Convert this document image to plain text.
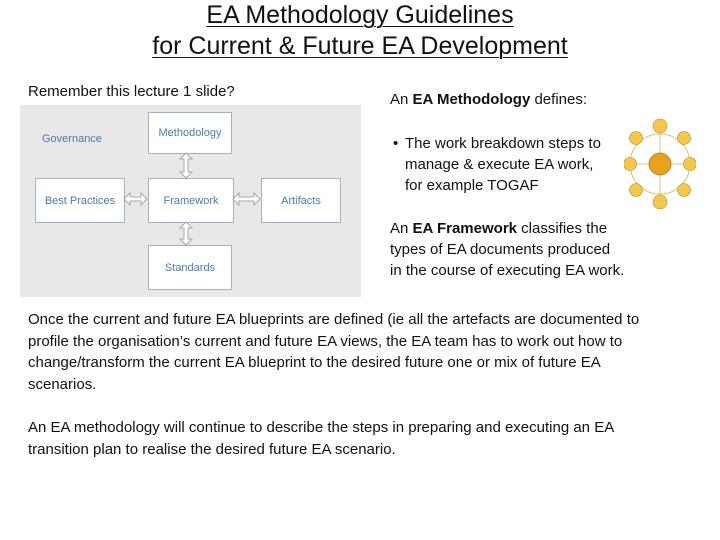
EA Methodology Guidelines
for Current & Future EA Development
Remember this lecture 1 slide?
Governance	Methodology
Best Practices	Framework	Artifacts
Standards
An EA Methodology defines:
• The work breakdown steps to
manage & execute EA work,
for example TOGAF
An EA Framework classifies the
types of EA documents produced
in the course of executing EA work.
Once the current and future EA blueprints are defined (ie all the artefacts are documented to
profile the organisation’s current and future EA views, the EA team has to work out how to
change/transform the current EA blueprint to the desired future one or mix of future EA
scenarios.
An EA methodology will continue to describe the steps in preparing and executing an EA
transition plan to realise the desired future EA scenario.
